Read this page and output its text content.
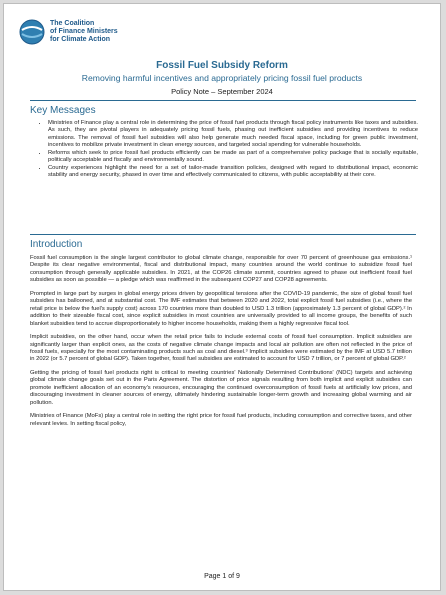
The Coalition
of Finance Ministers
for Climate Action
Fossil Fuel Subsidy Reform
Removing harmful incentives and appropriately pricing fossil fuel products
Policy Note – September 2024
Key Messages
• Ministries of Finance play a central role in determining the price of fossil fuel products through fiscal policy instruments like taxes and subsidies. As such, they are pivotal players in adequately pricing fossil fuels, phasing out inefficient subsidies and providing incentives to reduce emissions. The removal of fossil fuel subsidies will also help generate much needed fiscal space, including for green public investment, incentives to mobilize private investment in clean energy sources, and targeted social spending for vulnerable households.
• Reforms which seek to price fossil fuel products efficiently can be made as part of a comprehensive policy package that is socially equitable, politically acceptable and fiscally and environmentally sound.
• Country experiences highlight the need for a set of tailor-made transition policies, designed with regard to distributional impact, economic stability and energy security, phased in over time and effectively communicated to citizens, with public acceptability at their core.
Introduction

Fossil fuel consumption is the single largest contributor to global climate change, responsible for over 70 percent of greenhouse gas emissions.¹ Despite its clear negative environmental, fiscal and distributional impact, many countries around the world continue to subsidize fossil fuel consumption through generally applicable subsidies. In 2021, at the COP26 climate summit, countries agreed to phase out inefficient fossil fuel subsidies as soon as possible — a pledge which was reaffirmed in the subsequent COP27 and COP28 agreements.

Prompted in large part by surges in global energy prices driven by geopolitical tensions after the COVID-19 pandemic, the size of global fossil fuel subsidies has ballooned, and at substantial cost. The IMF estimates that between 2020 and 2022, total explicit fossil fuel subsidies (i.e., where the retail price is below the fuel's supply cost) across 170 countries more than doubled to USD 1.3 trillion (approximately 1.3 percent of global GDP).² In addition to their sizeable fiscal cost, since explicit subsidies in most countries are universally provided to all income groups, the benefits of such blanket subsidies tend to accrue disproportionately to higher income households, making them a highly regressive fiscal tool.

Implicit subsidies, on the other hand, occur when the retail price fails to include external costs of fossil fuel consumption. Implicit subsidies are significantly larger than explicit ones, as the costs of negative climate change impacts and local air pollution are often not reflected in the price of fossil fuels, especially for the most contaminating products such as coal and diesel.³ Implicit subsidies were estimated by the IMF at USD 5.7 trillion in 2022 (or 5.7 percent of global GDP). Taken together, fossil fuel subsidies are estimated to account for USD 7 trillion, or 7 percent of global GDP.²

Getting the pricing of fossil fuel products right is critical to meeting countries' Nationally Determined Contributions' (NDC) targets and achieving global climate change goals set out in the Paris Agreement. The distortion of price signals resulting from both implicit and explicit subsidies can promote inefficient allocation of an economy's resources, encouraging the continued overconsumption of fossil fuels at artificially low prices, and discouraging investment in cleaner sources of energy, ultimately hindering sustainable longer-term growth and increasing global warming and air pollution.

Ministries of Finance (MoFs) play a central role in setting the right price for fossil fuel products, including consumption and corrective taxes, and other relevant levies. In setting fiscal policy,

Page 1 of 9
